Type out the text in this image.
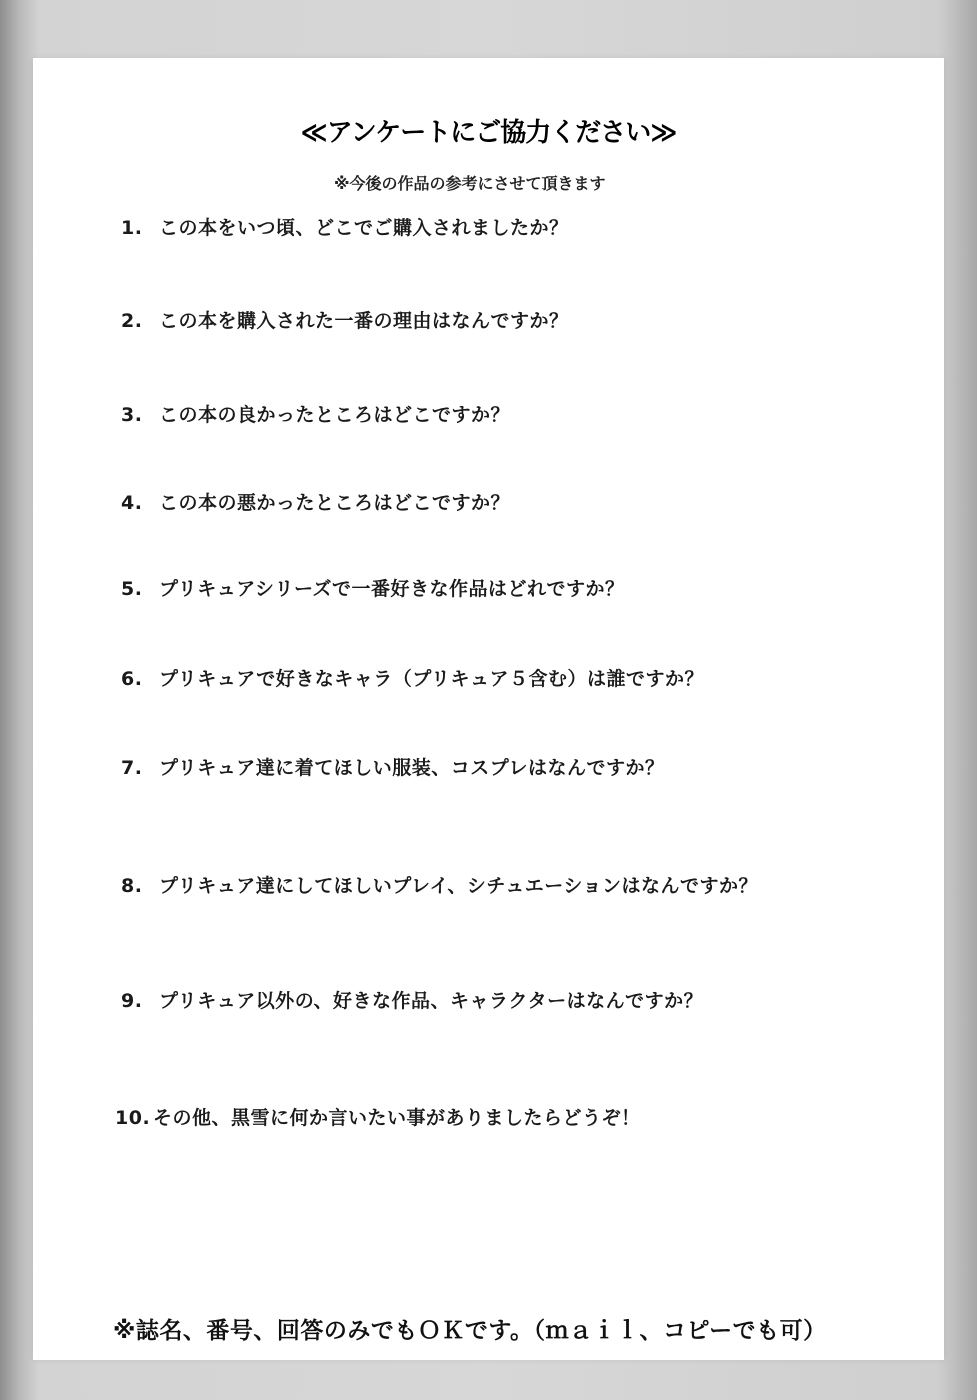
≪アンケートにご協力ください≫
※今後の作品の参考にさせて頂きます
1. この本をいつ頃、どこでご購入されましたか？
2. この本を購入された一番の理由はなんですか？
3. この本の良かったところはどこですか？
4. この本の悪かったところはどこですか？
5. プリキュアシリーズで一番好きな作品はどれですか？
6. プリキュアで好きなキャラ（プリキュア５含む）は誰ですか？
7. プリキュア達に着てほしい服装、コスプレはなんですか？
8. プリキュア達にしてほしいプレイ、シチュエーションはなんですか？
9. プリキュア以外の、好きな作品、キャラクターはなんですか？
10. その他、黒雪に何か言いたい事がありましたらどうぞ！
※誌名、番号、回答のみでもＯＫです。（ｍａｉｌ、コピーでも可）
